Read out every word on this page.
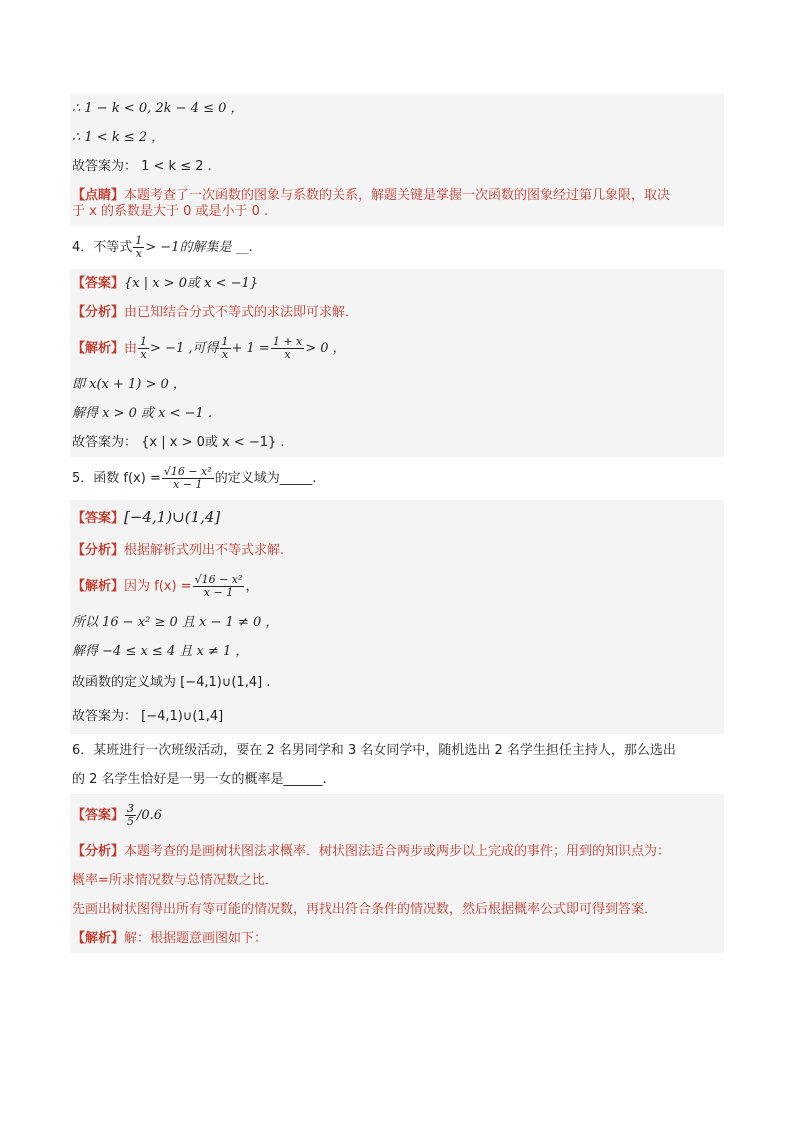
∴ 1 − k < 0, 2k − 4 ≤ 0 ，
∴ 1 < k ≤ 2 ，
故答案为： 1 < k ≤ 2 .
【点睛】本题考查了一次函数的图象与系数的关系，解题关键是掌握一次函数的图象经过第几象限，取决
于 x 的系数是大于 0 或是小于 0 .
4．不等式 $\frac{1}{x} > -1$的解集是 __.
【答案】{x | x > 0或 x < −1}
【分析】由已知结合分式不等式的求法即可求解．
【解析】由 $\frac{1}{x} > -1$ ,可得 $\frac{1}{x} + 1 = \frac{1 + x}{x} > 0$ ，
即 x(x + 1) > 0 ，
解得 x > 0 或 x < −1 .
故答案为： {x | x > 0或 x < −1} .
5．函数 $f(x) = \frac{\text{√16 − x²}}{x - 1}$ 的定义域为_____.
【答案】[−4,1)∪(1,4]
【分析】根据解析式列出不等式求解.
【解析】因为 $f(x) = \frac{\text{√16 − x²}}{x - 1}$ ，
所以 16 − x² ≥ 0 且 x − 1 ≠ 0 ，
解得 −4 ≤ x ≤ 4 且 x ≠ 1 ，
故函数的定义域为 [−4,1)∪(1,4] .
故答案为： [−4,1)∪(1,4]
6．某班进行一次班级活动，要在 2 名男同学和 3 名女同学中，随机选出 2 名学生担任主持人，那么选出
的 2 名学生恰好是一男一女的概率是______.
【答案】 $\frac{3}{5} /0.6$
【分析】本题考查的是画树状图法求概率．树状图法适合两步或两步以上完成的事件；用到的知识点为：
概率=所求情况数与总情况数之比．
先画出树状图得出所有等可能的情况数，再找出符合条件的情况数，然后根据概率公式即可得到答案．
【解析】解：根据题意画图如下：
